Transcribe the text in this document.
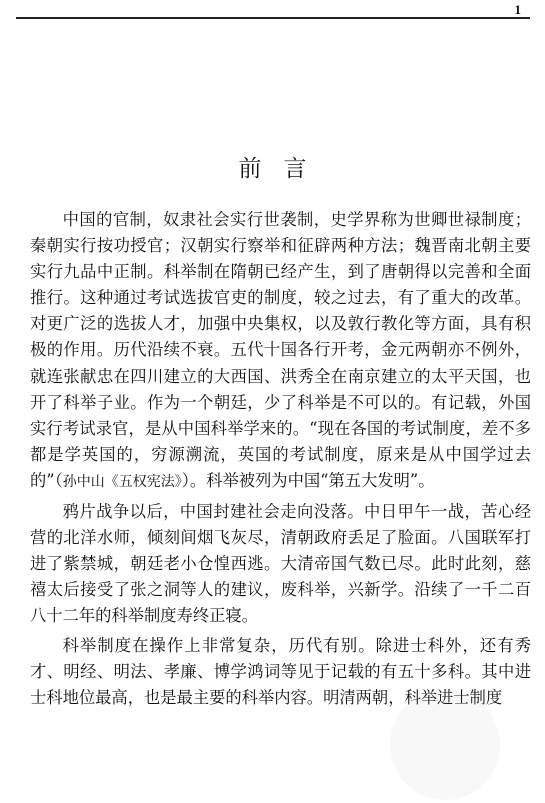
1
前言

中国的官制，奴隶社会实行世袭制，史学界称为世卿世禄制度；秦朝实行按功授官；汉朝实行察举和征辟两种方法；魏晋南北朝主要实行九品中正制。科举制在隋朝已经产生，到了唐朝得以完善和全面推行。这种通过考试选拔官吏的制度，较之过去，有了重大的改革。对更广泛的选拔人才，加强中央集权，以及敦行教化等方面，具有积极的作用。历代沿续不衰。五代十国各行开考，金元两朝亦不例外，就连张献忠在四川建立的大西国、洪秀全在南京建立的太平天国，也开了科举子业。作为一个朝廷，少了科举是不可以的。有记载，外国实行考试录官，是从中国科举学来的。“现在各国的考试制度，差不多都是学英国的，穷源溯流，英国的考试制度，原来是从中国学过去的”（孙中山《五权宪法》）。科举被列为中国“第五大发明”。

鸦片战争以后，中国封建社会走向没落。中日甲午一战，苦心经营的北洋水师，倾刻间烟飞灰尽，清朝政府丢足了脸面。八国联军打进了紫禁城，朝廷老小仓惶西逃。大清帝国气数已尽。此时此刻，慈禧太后接受了张之洞等人的建议，废科举，兴新学。沿续了一千二百八十二年的科举制度寿终正寝。

科举制度在操作上非常复杂，历代有别。除进士科外，还有秀才、明经、明法、孝廉、博学鸿词等见于记载的有五十多科。其中进士科地位最高，也是最主要的科举内容。明清两朝，科举进士制度
